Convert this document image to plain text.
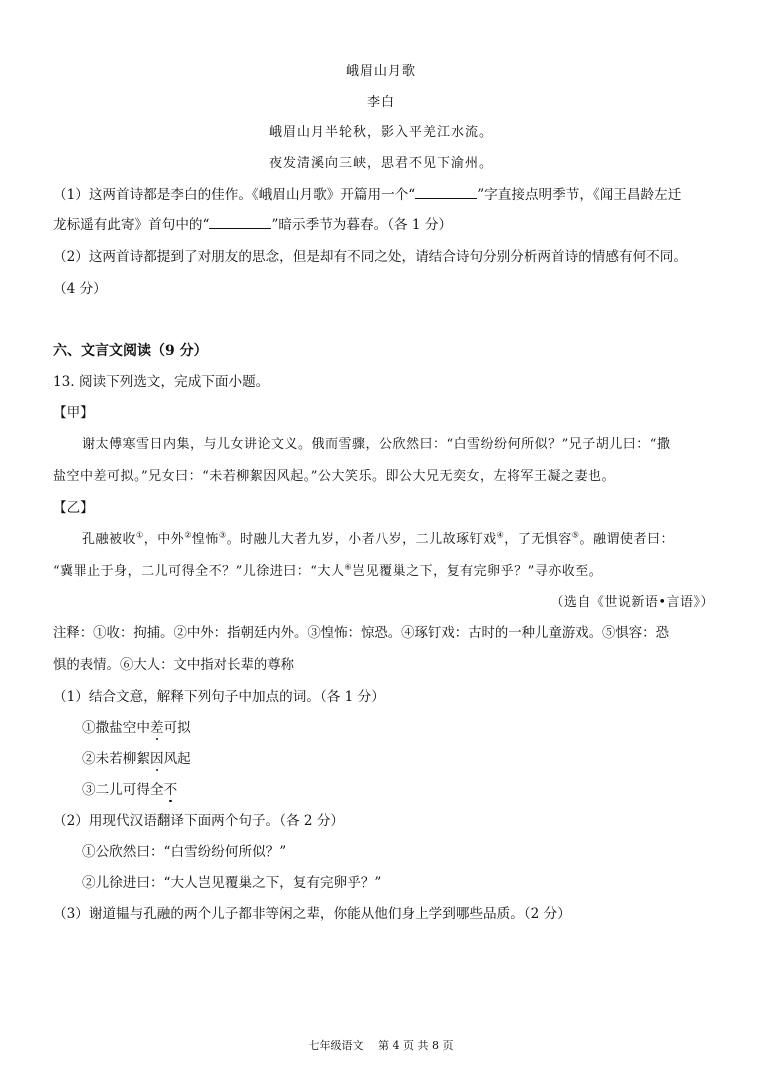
峨眉山月歌
李白
峨眉山月半轮秋，影入平羌江水流。
夜发清溪向三峡，思君不见下渝州。
（1）这两首诗都是李白的佳作。《峨眉山月歌》开篇用一个“	”字直接点明季节，《闻王昌龄左迁
龙标遥有此寄》首句中的“	”暗示季节为暮春。（各 1 分）
（2）这两首诗都提到了对朋友的思念，但是却有不同之处，请结合诗句分别分析两首诗的情感有何不同。
（4 分）
六、文言文阅读（9 分）
13. 阅读下列选文，完成下面小题。
【甲】
谢太傅寒雪日内集，与儿女讲论文义。俄而雪骤，公欣然曰：“白雪纷纷何所似？”兄子胡儿曰：“撒
盐空中差可拟。”兄女曰：“未若柳絮因风起。”公大笑乐。即公大兄无奕女，左将军王凝之妻也。
【乙】
孔融被收①，中外②惶怖③。时融儿大者九岁，小者八岁，二儿故琢钉戏④，了无惧容⑤。融谓使者曰：
“冀罪止于身，二儿可得全不？”儿徐进曰：“大人⑥岂见覆巢之下，复有完卵乎？”寻亦收至。
（选自《世说新语•言语》）
注释：①收：拘捕。②中外：指朝廷内外。③惶怖：惊恐。④琢钉戏：古时的一种儿童游戏。⑤惧容：恐
惧的表情。⑥大人：文中指对长辈的尊称
（1）结合文意，解释下列句子中加点的词。（各 1 分）
①撒盐空中差可拟
②未若柳絮因风起
③二儿可得全不
（2）用现代汉语翻译下面两个句子。（各 2 分）
①公欣然曰：“白雪纷纷何所似？”
②儿徐进曰：“大人岂见覆巢之下，复有完卵乎？”
（3）谢道韫与孔融的两个儿子都非等闲之辈，你能从他们身上学到哪些品质。（2 分）
七年级语文　 第 4 页 共 8 页
